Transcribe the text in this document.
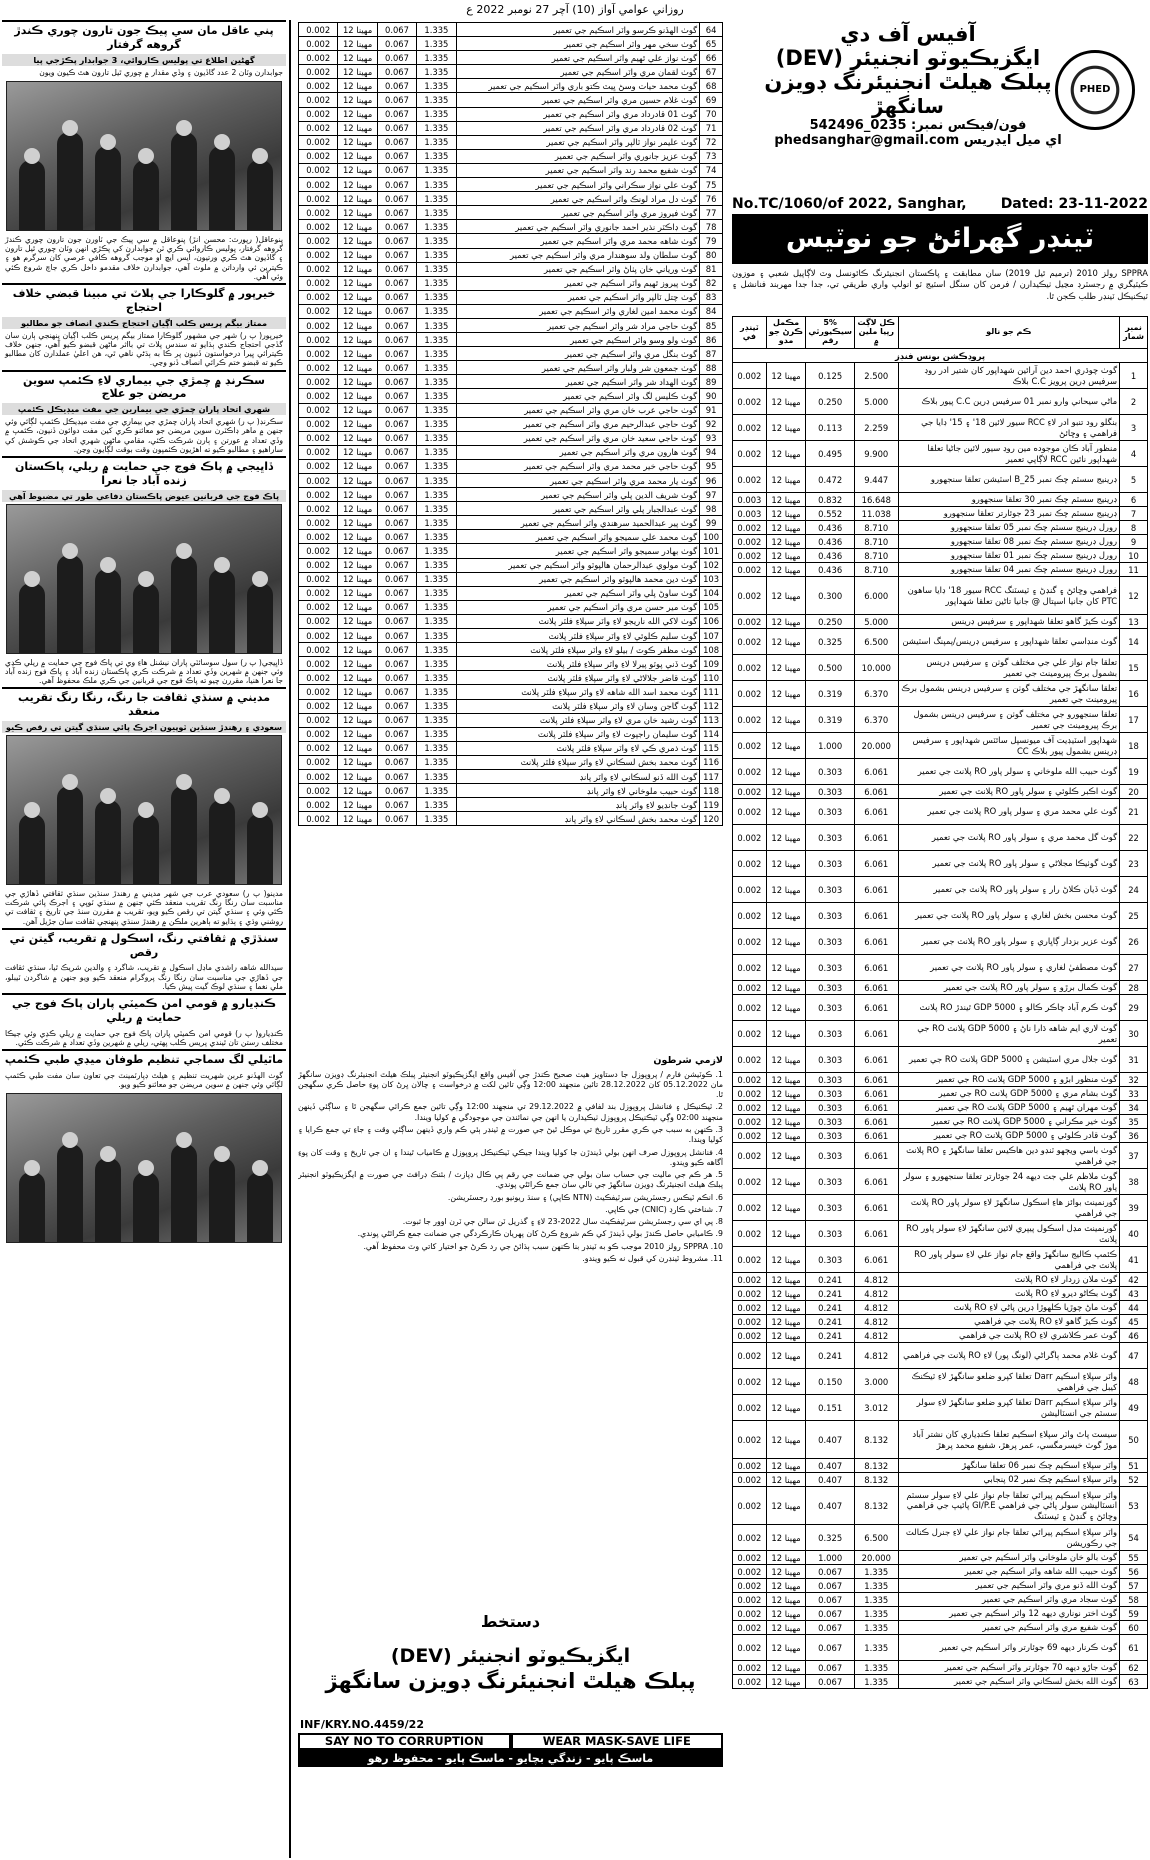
روزاني عوامي آواز (10) آچر 27 نومبر 2022 ع
پني عاقل مان سي پيڪ جون تارون چوري ڪندڙ گروهه گرفتار
گهڻين اطلاع تي پوليس ڪاروائي، 3 جوابدار پڪڙجي پيا
جوابدارن وٽان 2 عدد گاڏيون ۽ وڏي مقدار ۾ چوري ٿيل تارون هٿ ڪيون ويون
پنوعاقل( رپورٽ: محسن انڙ) پنوعاقل ۾ سي پيڪ جي ٽاورن جون تارون چوري ڪندڙ گروهه گرفتار، پوليس ڪاروائي ڪري ٽن جوابدارن کي پڪڙي انهن وٽان چوري ٿيل تارون ۽ گاڏيون هٿ ڪري ورتيون، ايس ايڇ او موجب گروهه ڪافي عرصي کان سرگرم هو ۽ ڪيترين ئي وارداتن ۾ ملوث آهي، جوابدارن خلاف مقدمو داخل ڪري جاچ شروع ڪئي وئي آهي.
خيرپور ۾ گلوڪارا جي پلاٽ تي مبينا قبضي خلاف احتجاج
ممتاز بيگم پريس ڪلب اڳيان احتجاج ڪندي انصاف جو مطالبو
خيرپور( پ ر) شهر جي مشهور گلوڪارا ممتاز بيگم پريس ڪلب اڳيان پنهنجي ٻارن سان گڏجي احتجاج ڪندي ٻڌايو ته سندس پلاٽ تي بااثر ماڻهن قبضو ڪيو آهي، جنهن خلاف ڪيترائي ڀيرا درخواستون ڏنيون پر ڪا به ٻڌڻي ناهي ٿي، هن اعليٰ عملدارن کان مطالبو ڪيو ته قبضو ختم ڪرائي انصاف ڏنو وڃي.
سڪرنڊ ۾ چمڙي جي بيماري لاءِ ڪئمپ سوين مريضن جو علاج
شهري اتحاد پاران چمڙي جي بيمارين جي مفت ميڊيڪل ڪئمپ
سڪرنڊ( پ ر) شهري اتحاد پاران چمڙي جي بيماري جي مفت ميڊيڪل ڪئمپ لڳائي وئي جنهن ۾ ماهر ڊاڪٽرن سوين مريضن جو معائنو ڪري کين مفت دوائون ڏنيون، ڪئمپ ۾ وڏي تعداد ۾ عورتن ۽ ٻارن شرڪت ڪئي، مقامي ماڻهن شهري اتحاد جي ڪوشش کي ساراهيو ۽ مطالبو ڪيو ته اهڙيون ڪئمپون وقت بوقت لڳايون وڃن.
ڏاڀيجي ۾ پاڪ فوج جي حمايت ۾ ريلي، پاڪستان زنده آباد جا نعرا
پاڪ فوج جي قربانين عيوض پاڪستان دفاعي طور تي مضبوط آهي
ڏاڀيجي( پ ر) سول سوسائٽي پاران نيشنل هاءِ وي تي پاڪ فوج جي حمايت ۾ ريلي ڪڍي وئي جنهن ۾ شهرين وڏي تعداد ۾ شرڪت ڪري پاڪستان زنده آباد ۽ پاڪ فوج زنده آباد جا نعرا هنيا، مقررن چيو ته پاڪ فوج جي قربانين جي ڪري ملڪ محفوظ آهي.
مديني ۾ سنڌي ثقافت جا رنگ، رنگا رنگ تقريب منعقد
سعودي ۽ رهندڙ سنڌين ٽوپيون اجرڪ پائي سنڌي گيتن تي رقص ڪيو
مدينو( پ ر) سعودي عرب جي شهر مديني ۾ رهندڙ سنڌين سنڌي ثقافتي ڏهاڙي جي مناسبت سان رنگا رنگ تقريب منعقد ڪئي جنهن ۾ سنڌي ٽوپي ۽ اجرڪ پائي شرڪت ڪئي وئي ۽ سنڌي گيتن تي رقص ڪيو ويو، تقريب ۾ مقررن سنڌ جي تاريخ ۽ ثقافت تي روشني وڌي ۽ ٻڌايو ته ٻاهرين ملڪن ۾ رهندڙ سنڌي پنهنجي ثقافت سان جڙيل آهن.
سنڌڙي ۾ ثقافتي رنگ، اسڪول ۾ تقريب، گيتن تي رقص
سيدالله شاهه راشدي ماڊل اسڪول ۾ تقريب، شاگرد ۽ والدين شريڪ ٿيا، سنڌي ثقافت جي ڏهاڙي جي مناسبت سان رنگا رنگ پروگرام منعقد ڪيو ويو جنهن ۾ شاگردن ٽيبلو، ملي نغما ۽ سنڌي لوڪ گيت پيش ڪيا.
ڪنڊيارو ۾ قومي امن ڪميٽي پاران پاڪ فوج جي حمايت ۾ ريلي
ڪنڊيارو( پ ر) قومي امن ڪميٽي پاران پاڪ فوج جي حمايت ۾ ريلي ڪڍي وئي جيڪا مختلف رستن تان ٿيندي پريس ڪلب پهتي، ريلي ۾ شهرين وڏي تعداد ۾ شرڪت ڪئي.
ماٿيلي لگ سماجي تنظيم طوفان ميڊي طبي ڪئمپ
گوٺ الهڏنو عربن شهريت تنظيم ۽ هيلٿ ڊپارٽمينٽ جي تعاون سان مفت طبي ڪئمپ لڳائي وئي جنهن ۾ سوين مريضن جو معائنو ڪيو ويو.
0.002	12 مهينا	0.067	1.335	گوٺ الهڏنو ڪرسو واٽر اسڪيم جي تعمير	64
0.002	12 مهينا	0.067	1.335	گوٺ سخي مهر واٽر اسڪيم جي تعمير	65
0.002	12 مهينا	0.067	1.335	گوٺ نواز علي ٿهيم واٽر اسڪيم جي تعمير	66
0.002	12 مهينا	0.067	1.335	گوٺ لقمان مري واٽر اسڪيم جي تعمير	67
0.002	12 مهينا	0.067	1.335	گوٺ محمد حيات وسڻ ڀيٽ ڪتو باري واٽر اسڪيم جي تعمير	68
0.002	12 مهينا	0.067	1.335	گوٺ غلام حسين مري واٽر اسڪيم جي تعمير	69
0.002	12 مهينا	0.067	1.335	گوٺ 01 قادرداد مري واٽر اسڪيم جي تعمير	70
0.002	12 مهينا	0.067	1.335	گوٺ 02 قادرداد مري واٽر اسڪيم جي تعمير	71
0.002	12 مهينا	0.067	1.335	گوٺ عليمر نواز ٽالپر واٽر اسڪيم جي تعمير	72
0.002	12 مهينا	0.067	1.335	گوٺ عزيز جانوري واٽر اسڪيم جي تعمير	73
0.002	12 مهينا	0.067	1.335	گوٺ شفيع محمد رند واٽر اسڪيم جي تعمير	74
0.002	12 مهينا	0.067	1.335	گوٺ علي نواز سڪراني واٽر اسڪيم جي تعمير	75
0.002	12 مهينا	0.067	1.335	گوٺ دل مراد لونڪ واٽر اسڪيم جي تعمير	76
0.002	12 مهينا	0.067	1.335	گوٺ فيروز مري واٽر اسڪيم جي تعمير	77
0.002	12 مهينا	0.067	1.335	گوٺ ڊاڪٽر نذير احمد جانوري واٽر اسڪيم جي تعمير	78
0.002	12 مهينا	0.067	1.335	گوٺ شاهه محمد مري واٽر اسڪيم جي تعمير	79
0.002	12 مهينا	0.067	1.335	گوٺ سلطان ولد سوهندار مري واٽر اسڪيم جي تعمير	80
0.002	12 مهينا	0.067	1.335	گوٺ ورياني خان پٺاڻ واٽر اسڪيم جي تعمير	81
0.002	12 مهينا	0.067	1.335	گوٺ پيروز ٿهيم واٽر اسڪيم جي تعمير	82
0.002	12 مهينا	0.067	1.335	گوٺ چتل ٽالپر واٽر اسڪيم جي تعمير	83
0.002	12 مهينا	0.067	1.335	گوٺ محمد امين لغاري واٽر اسڪيم جي تعمير	84
0.002	12 مهينا	0.067	1.335	گوٺ حاجي مراد شر واٽر اسڪيم جي تعمير	85
0.002	12 مهينا	0.067	1.335	گوٺ ولو وسو واٽر اسڪيم جي تعمير	86
0.002	12 مهينا	0.067	1.335	گوٺ بنگل مري واٽر اسڪيم جي تعمير	87
0.002	12 مهينا	0.067	1.335	گوٺ جمعون شر ولبار واٽر اسڪيم جي تعمير	88
0.002	12 مهينا	0.067	1.335	گوٺ الهداد شر واٽر اسڪيم جي تعمير	89
0.002	12 مهينا	0.067	1.335	گوٺ ڪليس لگ واٽر اسڪيم جي تعمير	90
0.002	12 مهينا	0.067	1.335	گوٺ حاجي عرب خان مري واٽر اسڪيم جي تعمير	91
0.002	12 مهينا	0.067	1.335	گوٺ حاجي عبدالرحيم مري واٽر اسڪيم جي تعمير	92
0.002	12 مهينا	0.067	1.335	گوٺ حاجي سعيد خان مري واٽر اسڪيم جي تعمير	93
0.002	12 مهينا	0.067	1.335	گوٺ هارون مري واٽر اسڪيم جي تعمير	94
0.002	12 مهينا	0.067	1.335	گوٺ حاجي خير محمد مري واٽر اسڪيم جي تعمير	95
0.002	12 مهينا	0.067	1.335	گوٺ يار محمد مري واٽر اسڪيم جي تعمير	96
0.002	12 مهينا	0.067	1.335	گوٺ شريف الدين پلي واٽر اسڪيم جي تعمير	97
0.002	12 مهينا	0.067	1.335	گوٺ عبدالجبار پلي واٽر اسڪيم جي تعمير	98
0.002	12 مهينا	0.067	1.335	گوٺ پير عبدالحميد سرهندي واٽر اسڪيم جي تعمير	99
0.002	12 مهينا	0.067	1.335	گوٺ محمد علي سميجو واٽر اسڪيم جي تعمير	100
0.002	12 مهينا	0.067	1.335	گوٺ بهادر سميجو واٽر اسڪيم جي تعمير	101
0.002	12 مهينا	0.067	1.335	گوٺ مولوي عبدالرحمان هالپوٽو واٽر اسڪيم جي تعمير	102
0.002	12 مهينا	0.067	1.335	گوٺ دين محمد هالپوٽو واٽر اسڪيم جي تعمير	103
0.002	12 مهينا	0.067	1.335	گوٺ ساوڻ پلي واٽر اسڪيم جي تعمير	104
0.002	12 مهينا	0.067	1.335	گوٺ مير حسن مري واٽر اسڪيم جي تعمير	105
0.002	12 مهينا	0.067	1.335	گوٺ لاکي الله ناريجو لاءِ واٽر سپلاءِ فلٽر پلانٽ	106
0.002	12 مهينا	0.067	1.335	گوٺ سليم ڪلوئي لاءِ واٽر سپلاءِ فلٽر پلانٽ	107
0.002	12 مهينا	0.067	1.335	گوٺ مظفر ڪوٽ / بيلو لاءِ واٽر سپلاءِ فلٽر پلانٽ	108
0.002	12 مهينا	0.067	1.335	گوٺ ڏني پوٽو پيرلا لاءِ واٽر سپلاءِ فلٽر پلانٽ	109
0.002	12 مهينا	0.067	1.335	گوٺ قاضر جلالاڻي لاءِ واٽر سپلاءِ فلٽر پلانٽ	110
0.002	12 مهينا	0.067	1.335	گوٺ محمد اسد الله شاهه لاءِ واٽر سپلاءِ فلٽر پلانٽ	111
0.002	12 مهينا	0.067	1.335	گوٺ گاجن وسان لاءِ واٽر سپلاءِ فلٽر پلانٽ	112
0.002	12 مهينا	0.067	1.335	گوٺ رشيد خان مري لاءِ واٽر سپلاءِ فلٽر پلانٽ	113
0.002	12 مهينا	0.067	1.335	گوٺ سليمان راجپوت لاءِ واٽر سپلاءِ فلٽر پلانٽ	114
0.002	12 مهينا	0.067	1.335	گوٺ ذمري ڪي لاءِ واٽر سپلاءِ فلٽر پلانٽ	115
0.002	12 مهينا	0.067	1.335	گوٺ محمد بخش لسڪاني لاءِ واٽر سپلاءِ فلٽر پلانٽ	116
0.002	12 مهينا	0.067	1.335	گوٺ الله ڏنو لسڪاني لاءِ واٽر پانڊ	117
0.002	12 مهينا	0.067	1.335	گوٺ حبيب ملوخاني لاءِ واٽر پانڊ	118
0.002	12 مهينا	0.067	1.335	گوٺ جانڊيو لاءِ واٽر پانڊ	119
0.002	12 مهينا	0.067	1.335	گوٺ محمد بخش لسڪاني لاءِ واٽر پانڊ	120
لازمي شرطون

1. ڪوٽيشن فارم / پروپوزل جا دستاويز هيٺ صحيح ڪندڙ جي آفيس واقع ايگزيڪيوٽو انجنيئر پبلڪ هيلٿ انجنيئرنگ ڊويزن سانگهڙ مان 05.12.2022 کان 28.12.2022 تائين منجهند 12:00 وڳي تائين لکت ۾ درخواست ۽ چالان ڀرڻ کان پوءِ حاصل ڪري سگهجن ٿا.

2. ٽيڪنيڪل ۽ فنانشل پروپوزل بند لفافي ۾ 29.12.2022 تي منجهند 12:00 وڳي تائين جمع ڪرائي سگهجن ٿا ۽ ساڳئي ڏينهن منجهند 02:00 وڳي ٽيڪنيڪل پروپوزل ٺيڪيدارن يا انهن جي نمائندن جي موجودگي ۾ کوليا ويندا.

3. ڪنهن به سبب جي ڪري مقرر تاريخ تي موڪل ٿيڻ جي صورت ۾ ٽينڊر ٻئي ڪم واري ڏينهن ساڳئي وقت ۽ جاءِ تي جمع ڪرايا ۽ کوليا ويندا.

4. فنانشل پروپوزل صرف انهن بولي ڏيندڙن جا کوليا ويندا جيڪي ٽيڪنيڪل پروپوزل ۾ ڪامياب ٿيندا ۽ ان جي تاريخ ۽ وقت کان پوءِ آگاهه ڪيو ويندو.

5. هر ڪم جي ماليت جي حساب سان بولي جي ضمانت جي رقم پي ڪال ڊپازٽ / بئنڪ ڊرافٽ جي صورت ۾ ايگزيڪيوٽو انجنيئر پبلڪ هيلٿ انجنيئرنگ ڊويزن سانگهڙ جي نالي سان جمع ڪرائڻي پوندي.

6. انڪم ٽيڪس رجسٽريشن سرٽيفڪيٽ (NTN ڪاپي) ۽ سنڌ ريونيو بورڊ رجسٽريشن.

7. شناختي ڪارڊ (CNIC) جي ڪاپي.

8. پي اي سي رجسٽريشن سرٽيفڪيٽ سال 2022-23 لاءِ ۽ گذريل ٽن سالن جي ٽرن اوور جا ثبوت.

9. ڪاميابي حاصل ڪندڙ بولي ڏيندڙ کي ڪم شروع ڪرڻ کان پهريان ڪارڪردگي جي ضمانت جمع ڪرائڻي پوندي.

10. SPPRA رولز 2010 موجب ڪو به ٽينڊر بنا ڪنهن سبب ٻڌائڻ جي رد ڪرڻ جو اختيار کاتي وٽ محفوظ آهي.

11. مشروط ٽينڊرن کي قبول نه ڪيو ويندو.

دستخط
ايگزيڪيوٽو انجنيئر (DEV)
پبلڪ هيلٿ انجنيئرنگ ڊويزن سانگهڙ
INF/KRY.NO.4459/22
SAY NO TO CORRUPTION	WEAR MASK-SAVE LIFE
ماسڪ پايو - زندگي بچايو - ماسڪ پايو - محفوظ رهو
PHED
آفيس آف دي
ايگزيڪيوٽو انجنيئر (DEV)
پبلڪ هيلٿ انجنيئرنگ ڊويزن
سانگهڙ
فون/فيڪس نمبر: 0235_542496
اي ميل ايڊريس phedsanghar@gmail.com
No.TC/1060/of 2022, Sanghar, Dated: 23-11-2022
ٽينڊر گهرائڻ جو نوٽيس
SPPRA رولز 2010 (ترميم ٿيل 2019) سان مطابقت ۽ پاڪستان انجنيئرنگ ڪائونسل وٽ لاڳاپيل شعبي ۽ موزون ڪيٽيگري ۾ رجسٽرڊ مڃيل ٺيڪيدارن / فرمن کان سنگل اسٽيج ٽو انولپ واري طريقي تي، جدا جدا مهربند فنانشل ۽ ٽيڪنيڪل ٽينڊر طلب ڪجن ٿا.
ٽينڊر في	مڪمل ڪرڻ جو مدو	5% سيڪيورٽي رقم	ڪل لاڳت رپيا ملين ۾	ڪم جو نالو	نمبر شمار
پروڊڪشن بونس فنڊز					
0.002	12 مهينا	0.125	2.500	گوٺ چوڌري احمد دين آرائين شهداپور کان شتير ادر روڊ سرفيس ڊرين پرويز C.C بلاڪ	1
0.002	12 مهينا	0.250	5.000	ماڻي سيحاني وارو نمبر 01 سرفيس ڊرين C.C پيور بلاڪ	2
0.002	12 مهينا	0.113	2.259	بنگلو رود تنبو ادر لاءِ RCC سيور لائين 18' ۽ 15' ڊايا جي فراهمي ۽ وڇائڻ	3
0.002	12 مهينا	0.495	9.900	منظور آباد ڪان موجوده مين روڊ سيور لائين جاڻيا تعلقا شهداپور ناٿين RCC لاڳاپي تعمير	4
0.002	12 مهينا	0.472	9.447	ڊرينيج سسٽم چڪ نمبر 25_B اسٽيشن تعلقا سنجهورو	5
0.003	12 مهينا	0.832	16.648	ڊرينيج سسٽم چڪ نمبر 30 تعلقا سنجهورو	6
0.003	12 مهينا	0.552	11.038	ڊرينيج سسٽم چڪ نمبر 23 جوئارتر تعلقا سنجهورو	7
0.002	12 مهينا	0.436	8.710	رورل ڊرينيج سسٽم چڪ نمبر 05 تعلقا سنجهورو	8
0.002	12 مهينا	0.436	8.710	رورل ڊرينيج سسٽم چڪ نمبر 08 تعلقا سنجهورو	9
0.002	12 مهينا	0.436	8.710	رورل ڊرينيج سسٽم چڪ نمبر 01 تعلقا سنجهورو	10
0.002	12 مهينا	0.436	8.710	رورل ڊرينيج سسٽم چڪ نمبر 04 تعلقا سنجهورو	11
0.002	12 مهينا	0.300	6.000	فراهمي وڇائڻ ۽ گنڊڻ ۽ ٽيسٽنگ RCC سيور 18' ڊايا ساهون PTC کان جانيا اسپتال @ جانيا تاڻين تعلقا شهداپور	12
0.002	12 مهينا	0.250	5.000	گوٺ ڪيڙ گاهو تعلقا شهداپور ۽ سرفيس ڊرينس	13
0.002	12 مهينا	0.325	6.500	گوٺ منڊاسي تعلقا شهداپور ۽ سرفيس ڊرينس/پمپنگ اسٽيشن	14
0.002	12 مهينا	0.500	10.000	تعلقا جام نواز علي جي مختلف گوٺن ۽ سرفيس ڊرينس بشمول برڪ پيرومينٽ جي تعمير	15
0.002	12 مهينا	0.319	6.370	تعلقا سانگهڙ جي مختلف گوٺن ۽ سرفيس ڊرينس بشمول برڪ پيرومينٽ جي تعمير	16
0.002	12 مهينا	0.319	6.370	تعلقا سنجهورو جي مختلف گوٺن ۽ سرفيس ڊرينس بشمول برڪ پيرومينٽ جي تعمير	17
0.002	12 مهينا	1.000	20.000	شهداپور اسٽيڊيت آف ميونسپل سائٽس شهداپور ۽ سرفيس ڊرينس بشمول پيور بلاڪ CC	18
0.002	12 مهينا	0.303	6.061	گوٺ حبيب الله ملوخاني ۽ سولر پاور RO پلانٽ جي تعمير	19
0.002	12 مهينا	0.303	6.061	گوٺ اڪبر ڪلوئي ۽ سولر پاور RO پلانٽ جي تعمير	20
0.002	12 مهينا	0.303	6.061	گوٺ علي محمد مري ۽ سولر پاور RO پلانٽ جي تعمير	21
0.002	12 مهينا	0.303	6.061	گوٺ گل محمد مري ۽ سولر پاور RO پلانٽ جي تعمير	22
0.002	12 مهينا	0.303	6.061	گوٺ گوٺيڪا مجلاڻي ۽ سولر پاور RO پلانٽ جي تعمير	23
0.002	12 مهينا	0.303	6.061	گوٺ ڏيان ڪلاڻ رار ۽ سولر پاور RO پلانٽ جي تعمير	24
0.002	12 مهينا	0.303	6.061	گوٺ محسن بخش لغاري ۽ سولر پاور RO پلانٽ جي تعمير	25
0.002	12 مهينا	0.303	6.061	گوٺ عزير بزدار ڳاڀاري ۽ سولر پاور RO پلانٽ جي تعمير	26
0.002	12 مهينا	0.303	6.061	گوٺ مصطفيٰ لغاري ۽ سولر پاور RO پلانٽ جي تعمير	27
0.002	12 مهينا	0.303	6.061	گوٺ ڪمال برڙو ۽ سولر پاور RO پلانٽ جي تعمير	28
0.002	12 مهينا	0.303	6.061	گوٺ ڪرم آباد چاڪر ڪالو ۽ 5000 GDP ٿيندڙ RO پلانٽ	29
0.002	12 مهينا	0.303	6.061	گوٺ لاري ايم شاهه ڌارا ناڻ ۽ 5000 GDP پلانٽ RO جي تعمير	30
0.002	12 مهينا	0.303	6.061	گوٺ جلال مري اسٽيشن ۽ 5000 GDP پلانٽ RO جي تعمير	31
0.002	12 مهينا	0.303	6.061	گوٺ منظور ابڙو ۽ 5000 GDP پلانٽ RO جي تعمير	32
0.002	12 مهينا	0.303	6.061	گوٺ بشام مري ۽ 5000 GDP پلانٽ RO جي تعمير	33
0.002	12 مهينا	0.303	6.061	گوٺ مهران ٿهيم ۽ 5000 GDP پلانٽ RO جي تعمير	34
0.002	12 مهينا	0.303	6.061	گوٺ خير مڪراني ۽ 5000 GDP پلانٽ RO جي تعمير	35
0.002	12 مهينا	0.303	6.061	گوٺ قادر ڪلوئي ۽ 5000 GDP پلانٽ RO جي تعمير	36
0.002	12 مهينا	0.303	6.061	گوٺ باسي ويڄهو ٽنڊو دين هاڪيس تعلقا سانگهڙ ۽ RO پلانٽ جي فراهمي	37
0.002	12 مهينا	0.303	6.061	گوٺ ملاظم علي جت ديهه 24 جوئارتر تعلقا سنجهورو ۽ سولر پاور RO پلانٽ	38
0.002	12 مهينا	0.303	6.061	گورنمينٽ بوائز هاءِ اسڪول سانگهڙ لاءِ سولر پاور RO پلانٽ جي فراهمي	39
0.002	12 مهينا	0.303	6.061	گورنمينٽ مڊل اسڪول پيپري لائين سانگهڙ لاءِ سولر پاور RO پلانٽ	40
0.002	12 مهينا	0.303	6.061	ڪئمپ ڪاليج سانگهڙ واقع جام نواز علي لاءِ سولر پاور RO پلانٽ جي فراهمي	41
0.002	12 مهينا	0.241	4.812	گوٺ ملان زردار لاءِ RO پلانٽ	42
0.002	12 مهينا	0.241	4.812	گوٺ بڪاڻو ديرو لاءِ RO پلانٽ	43
0.002	12 مهينا	0.241	4.812	گوٺ ماڻ چوڙيا ڪلهوڙا ڊرين پاڻي لاءِ RO پلانٽ	44
0.002	12 مهينا	0.241	4.812	گوٺ ڪيڙ گاهو لاءِ RO پلانٽ جي فراهمي	45
0.002	12 مهينا	0.241	4.812	گوٺ عمر ڪلاشري لاءِ RO پلانٽ جي فراهمي	46
0.002	12 مهينا	0.241	4.812	گوٺ غلام محمد ٻاگراڻي (لونگ پور) لاءِ RO پلانٽ جي فراهمي	47
0.002	12 مهينا	0.150	3.000	واٽر سپلاءِ اسڪيم Darr تعلقا کپرو ضلعو سانگهڙ لاءِ ٽيڪنڪ کيبل جي فراهمي	48
0.002	12 مهينا	0.151	3.012	واٽر سپلاءِ اسڪيم Darr تعلقا کپرو ضلعو سانگهڙ لاءِ سولر سسٽم جي انسٽاليشن	49
0.002	12 مهينا	0.407	8.132	سيسٽ پاٿ واٽر سپلاءِ اسڪيم تعلقا ڪنڊياري کان نشتر آباد موڙ گوٺ خيسرمگسي، عمر پرهڙ، شفيع محمد پرهڙ	50
0.002	12 مهينا	0.407	8.132	واٽر سپلاءِ اسڪيم چڪ نمبر 06 تعلقا سانگهڙ	51
0.002	12 مهينا	0.407	8.132	واٽر سپلاءِ اسڪيم چڪ نمبر 02 پنجابي	52
0.002	12 مهينا	0.407	8.132	واٽر سپلاءِ اسڪيم پيرائي تعلقا جام نواز علي لاءِ سولر سسٽم انسٽاليشن سولر پاڻي جي فراهمي GI/P.E پائيپ جي فراهمي وڇائڻ ۽ گنڊڻ ۽ ٽيسٽنگ	53
0.002	12 مهينا	0.325	6.500	واٽر سپلاءِ اسڪيم پيرائي تعلقا جام نواز علي لاءِ جنرل ڪنالٽ جي رڪوريشن	54
0.002	12 مهينا	1.000	20.000	گوٺ بالو خان ملوخاني واٽر اسڪيم جي تعمير	55
0.002	12 مهينا	0.067	1.335	گوٺ حبيب الله شاهه واٽر اسڪيم جي تعمير	56
0.002	12 مهينا	0.067	1.335	گوٺ الله ڏنو مري واٽر اسڪيم جي تعمير	57
0.002	12 مهينا	0.067	1.335	گوٺ سجاد مري واٽر اسڪيم جي تعمير	58
0.002	12 مهينا	0.067	1.335	گوٺ اختر نوناري ديهه 12 واٽر اسڪيم جي تعمير	59
0.002	12 مهينا	0.067	1.335	گوٺ شفيع مري واٽر اسڪيم جي تعمير	60
0.002	12 مهينا	0.067	1.335	گوٺ ڪرنار ديهه 69 جوئارتر واٽر اسڪيم جي تعمير	61
0.002	12 مهينا	0.067	1.335	گوٺ جاڙو ديهه 70 جوئارتر واٽر اسڪيم جي تعمير	62
0.002	12 مهينا	0.067	1.335	گوٺ الله بخش لسڪاني واٽر اسڪيم جي تعمير	63
